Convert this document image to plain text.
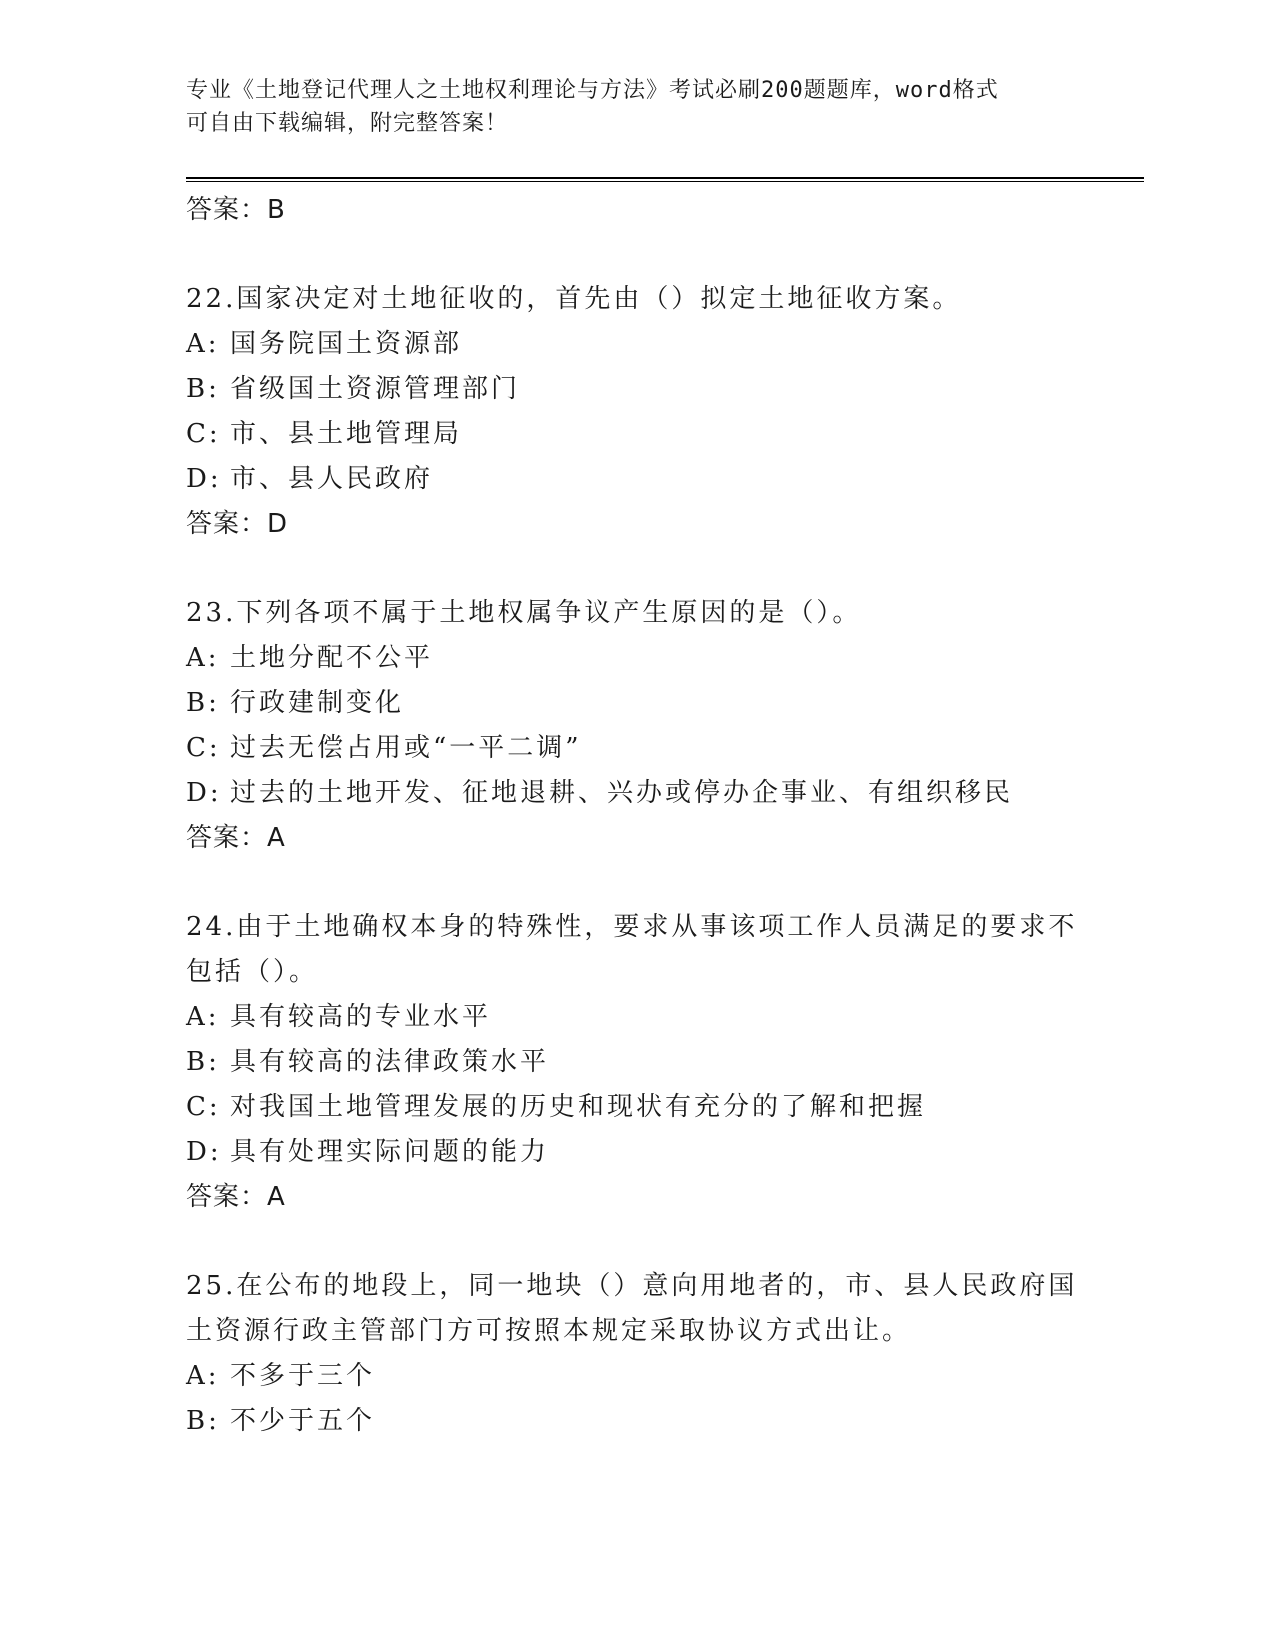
专业《土地登记代理人之土地权利理论与方法》考试必刷200题题库，word格式
可自由下载编辑，附完整答案！
答案：B
22.国家决定对土地征收的，首先由（）拟定土地征收方案。
A: 国务院国土资源部
B: 省级国土资源管理部门
C: 市、县土地管理局
D: 市、县人民政府
答案：D
23.下列各项不属于土地权属争议产生原因的是（）。
A: 土地分配不公平
B: 行政建制变化
C: 过去无偿占用或“一平二调”
D: 过去的土地开发、征地退耕、兴办或停办企事业、有组织移民
答案：A
24.由于土地确权本身的特殊性，要求从事该项工作人员满足的要求不
包括（）。
A: 具有较高的专业水平
B: 具有较高的法律政策水平
C: 对我国土地管理发展的历史和现状有充分的了解和把握
D: 具有处理实际问题的能力
答案：A
25.在公布的地段上，同一地块（）意向用地者的，市、县人民政府国
土资源行政主管部门方可按照本规定采取协议方式出让。
A: 不多于三个
B: 不少于五个
